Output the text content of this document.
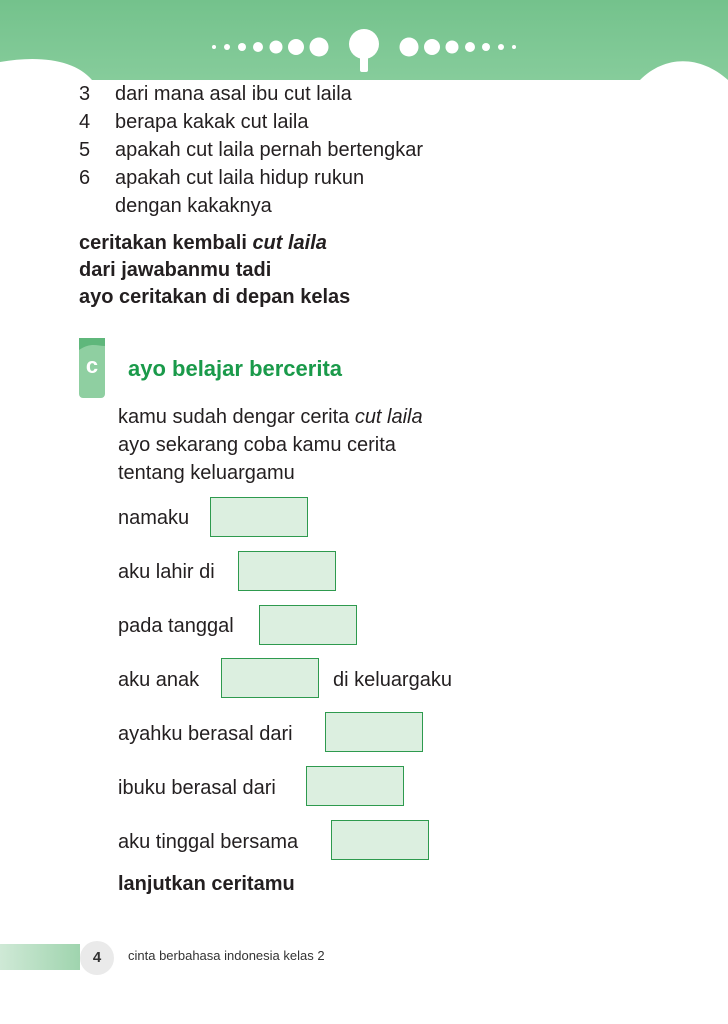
3 dari mana asal ibu cut laila
4 berapa kakak cut laila
5 apakah cut laila pernah bertengkar
6 apakah cut laila hidup rukun
dengan kakaknya
ceritakan kembali cut laila
dari jawabanmu tadi
ayo ceritakan di depan kelas
c	ayo belajar bercerita
kamu sudah dengar cerita cut laila
ayo sekarang coba kamu cerita
tentang keluargamu
namaku
aku lahir di
pada tanggal
aku anak	di keluargaku
ayahku berasal dari
ibuku berasal dari
aku tinggal bersama
lanjutkan ceritamu
4	cinta berbahasa indonesia kelas 2
